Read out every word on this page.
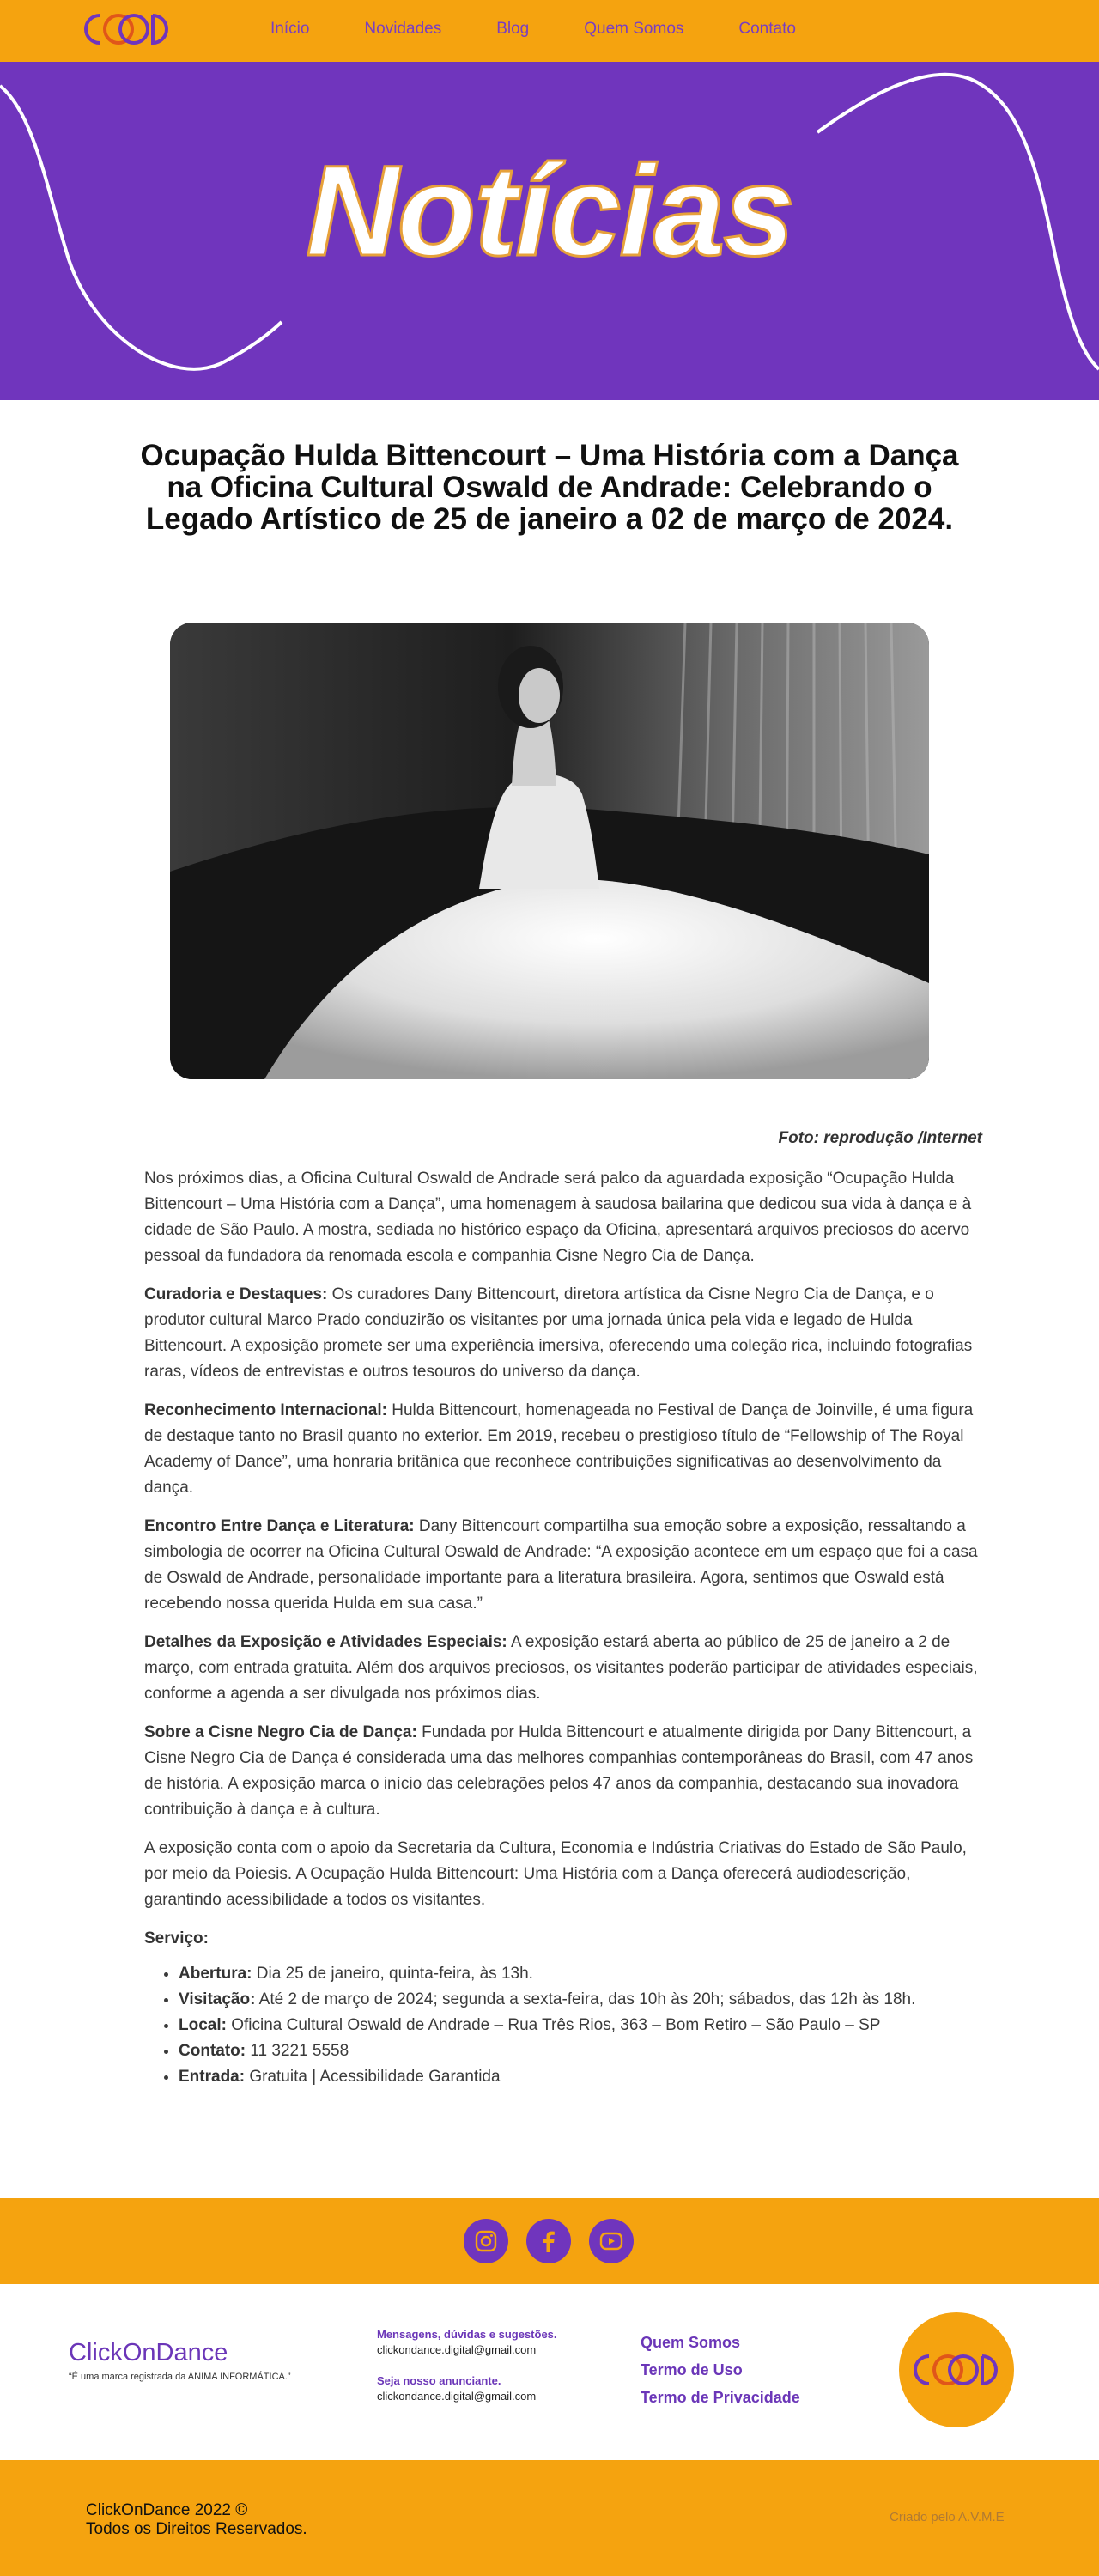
Início	Novidades	Blog	Quem Somos	Contato
Notícias
Ocupação Hulda Bittencourt – Uma História com a Dança na Oficina Cultural Oswald de Andrade: Celebrando o Legado Artístico de 25 de janeiro a 02 de março de 2024.

Foto: reprodução /Internet

Nos próximos dias, a Oficina Cultural Oswald de Andrade será palco da aguardada exposição “Ocupação Hulda Bittencourt – Uma História com a Dança”, uma homenagem à saudosa bailarina que dedicou sua vida à dança e à cidade de São Paulo. A mostra, sediada no histórico espaço da Oficina, apresentará arquivos preciosos do acervo pessoal da fundadora da renomada escola e companhia Cisne Negro Cia de Dança.

Curadoria e Destaques: Os curadores Dany Bittencourt, diretora artística da Cisne Negro Cia de Dança, e o produtor cultural Marco Prado conduzirão os visitantes por uma jornada única pela vida e legado de Hulda Bittencourt. A exposição promete ser uma experiência imersiva, oferecendo uma coleção rica, incluindo fotografias raras, vídeos de entrevistas e outros tesouros do universo da dança.

Reconhecimento Internacional: Hulda Bittencourt, homenageada no Festival de Dança de Joinville, é uma figura de destaque tanto no Brasil quanto no exterior. Em 2019, recebeu o prestigioso título de “Fellowship of The Royal Academy of Dance”, uma honraria britânica que reconhece contribuições significativas ao desenvolvimento da dança.

Encontro Entre Dança e Literatura: Dany Bittencourt compartilha sua emoção sobre a exposição, ressaltando a simbologia de ocorrer na Oficina Cultural Oswald de Andrade: “A exposição acontece em um espaço que foi a casa de Oswald de Andrade, personalidade importante para a literatura brasileira. Agora, sentimos que Oswald está recebendo nossa querida Hulda em sua casa.”

Detalhes da Exposição e Atividades Especiais: A exposição estará aberta ao público de 25 de janeiro a 2 de março, com entrada gratuita. Além dos arquivos preciosos, os visitantes poderão participar de atividades especiais, conforme a agenda a ser divulgada nos próximos dias.

Sobre a Cisne Negro Cia de Dança: Fundada por Hulda Bittencourt e atualmente dirigida por Dany Bittencourt, a Cisne Negro Cia de Dança é considerada uma das melhores companhias contemporâneas do Brasil, com 47 anos de história. A exposição marca o início das celebrações pelos 47 anos da companhia, destacando sua inovadora contribuição à dança e à cultura.

A exposição conta com o apoio da Secretaria da Cultura, Economia e Indústria Criativas do Estado de São Paulo, por meio da Poiesis. A Ocupação Hulda Bittencourt: Uma História com a Dança oferecerá audiodescrição, garantindo acessibilidade a todos os visitantes.

Serviço:

• Abertura: Dia 25 de janeiro, quinta-feira, às 13h.
• Visitação: Até 2 de março de 2024; segunda a sexta-feira, das 10h às 20h; sábados, das 12h às 18h.
• Local: Oficina Cultural Oswald de Andrade – Rua Três Rios, 363 – Bom Retiro – São Paulo – SP
• Contato: 11 3221 5558
• Entrada: Gratuita | Acessibilidade Garantida
ClickOnDance
“É uma marca registrada da ANIMA INFORMÁTICA.”
Mensagens, dúvidas e sugestões.
clickondance.digital@gmail.com
Seja nosso anunciante.
clickondance.digital@gmail.com
Quem Somos
Termo de Uso
Termo de Privacidade
ClickOnDance 2022 ©
Todos os Direitos Reservados.
Criado pelo A.V.M.E
